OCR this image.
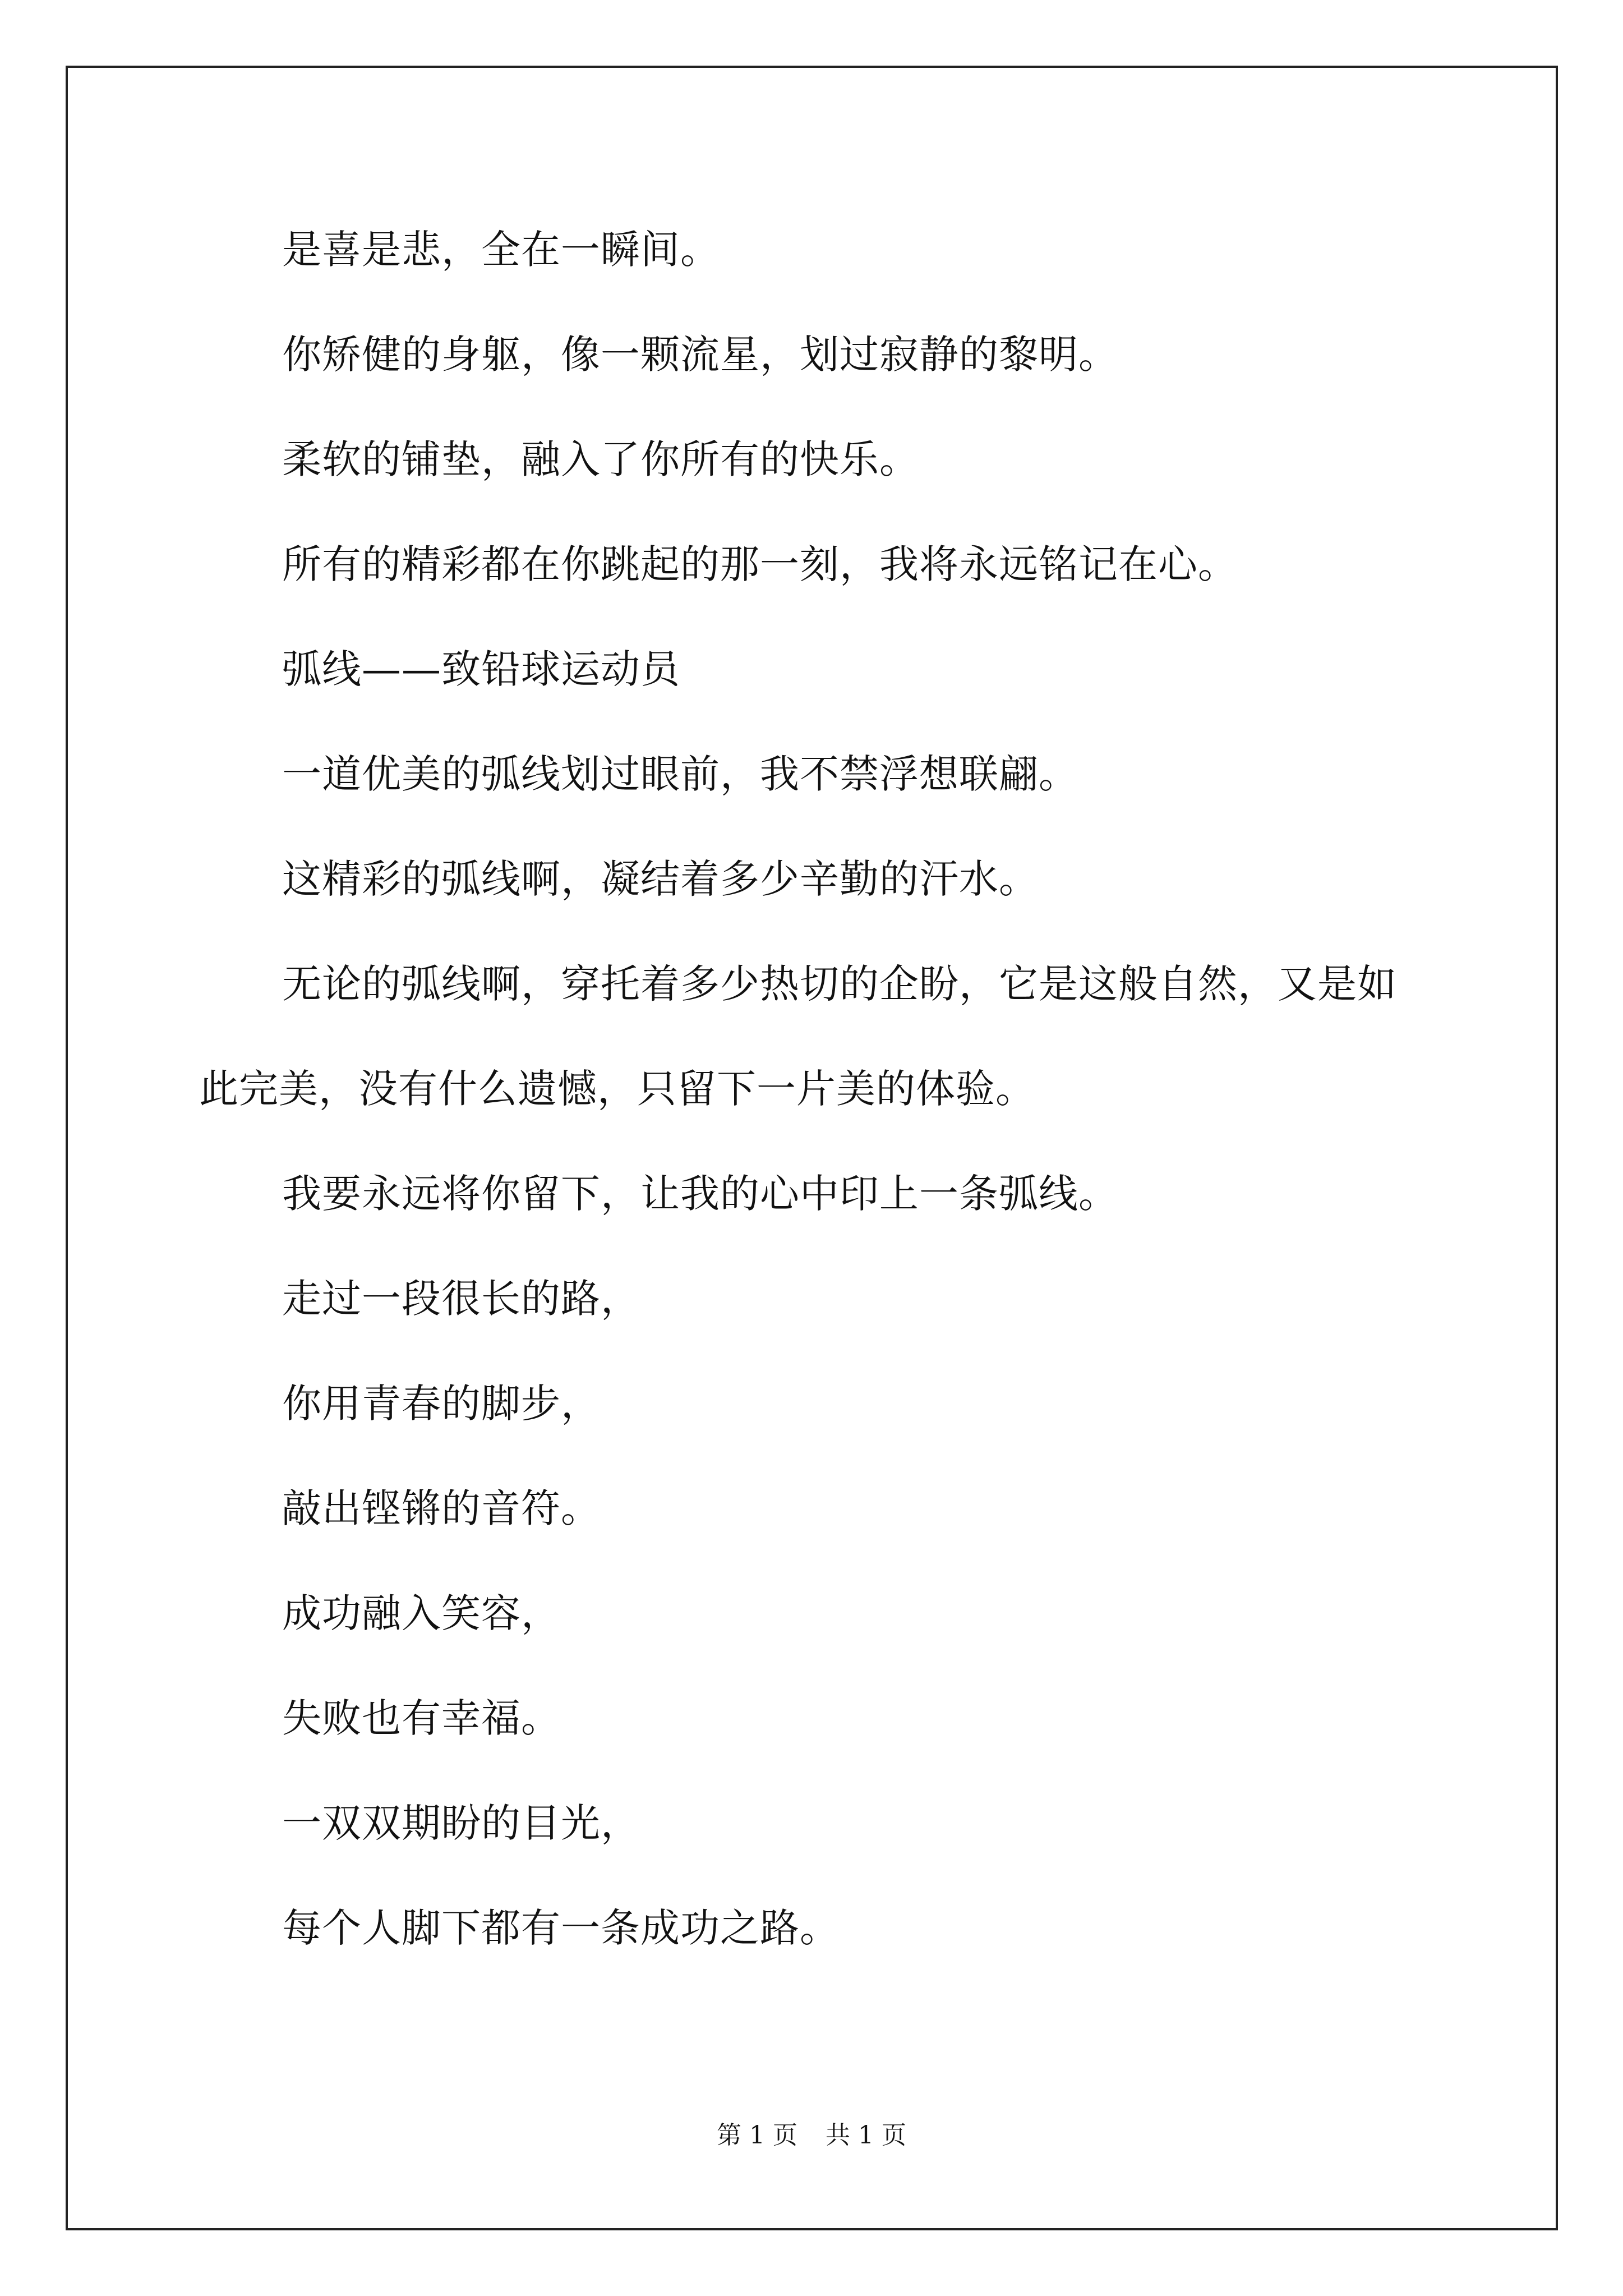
是喜是悲，全在一瞬间。
你矫健的身躯，像一颗流星，划过寂静的黎明。
柔软的铺垫，融入了你所有的快乐。
所有的精彩都在你跳起的那一刻，我将永远铭记在心。
弧线——致铅球运动员
一道优美的弧线划过眼前，我不禁浮想联翩。
这精彩的弧线啊，凝结着多少辛勤的汗水。
无论的弧线啊，穿托着多少热切的企盼，它是这般自然，又是如
此完美，没有什么遗憾，只留下一片美的体验。
我要永远将你留下，让我的心中印上一条弧线。
走过一段很长的路，
你用青春的脚步，
敲出铿锵的音符。
成功融入笑容，
失败也有幸福。
一双双期盼的目光，
每个人脚下都有一条成功之路。
第 1 页 共 1 页
